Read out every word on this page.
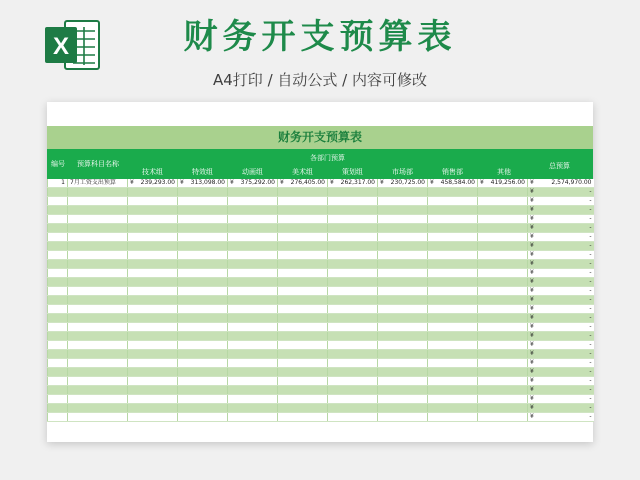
X	财务开支预算表
A4打印 / 自动公式 / 内容可修改
财务开支预算表
编号 预算科目名称
各部门预算
技术组	特效组	动画组	美术组	策划组	市场部	销售部	其他
总预算
1	7月工资支出预算	¥ 239,293.00	¥ 313,098.00	¥ 375,292.00	¥ 276,405.00	¥ 262,317.00	¥ 230,725.00	¥ 458,584.00	¥ 419,256.00	¥ 2,574,970.00

										¥ -

										¥ -

										¥ -

										¥ -

										¥ -

										¥ -

										¥ -

										¥ -

										¥ -

										¥ -

										¥ -

										¥ -

										¥ -

										¥ -

										¥ -

										¥ -

										¥ -

										¥ -

										¥ -

										¥ -

										¥ -

										¥ -

										¥ -

										¥ -

										¥ -

										¥ -
